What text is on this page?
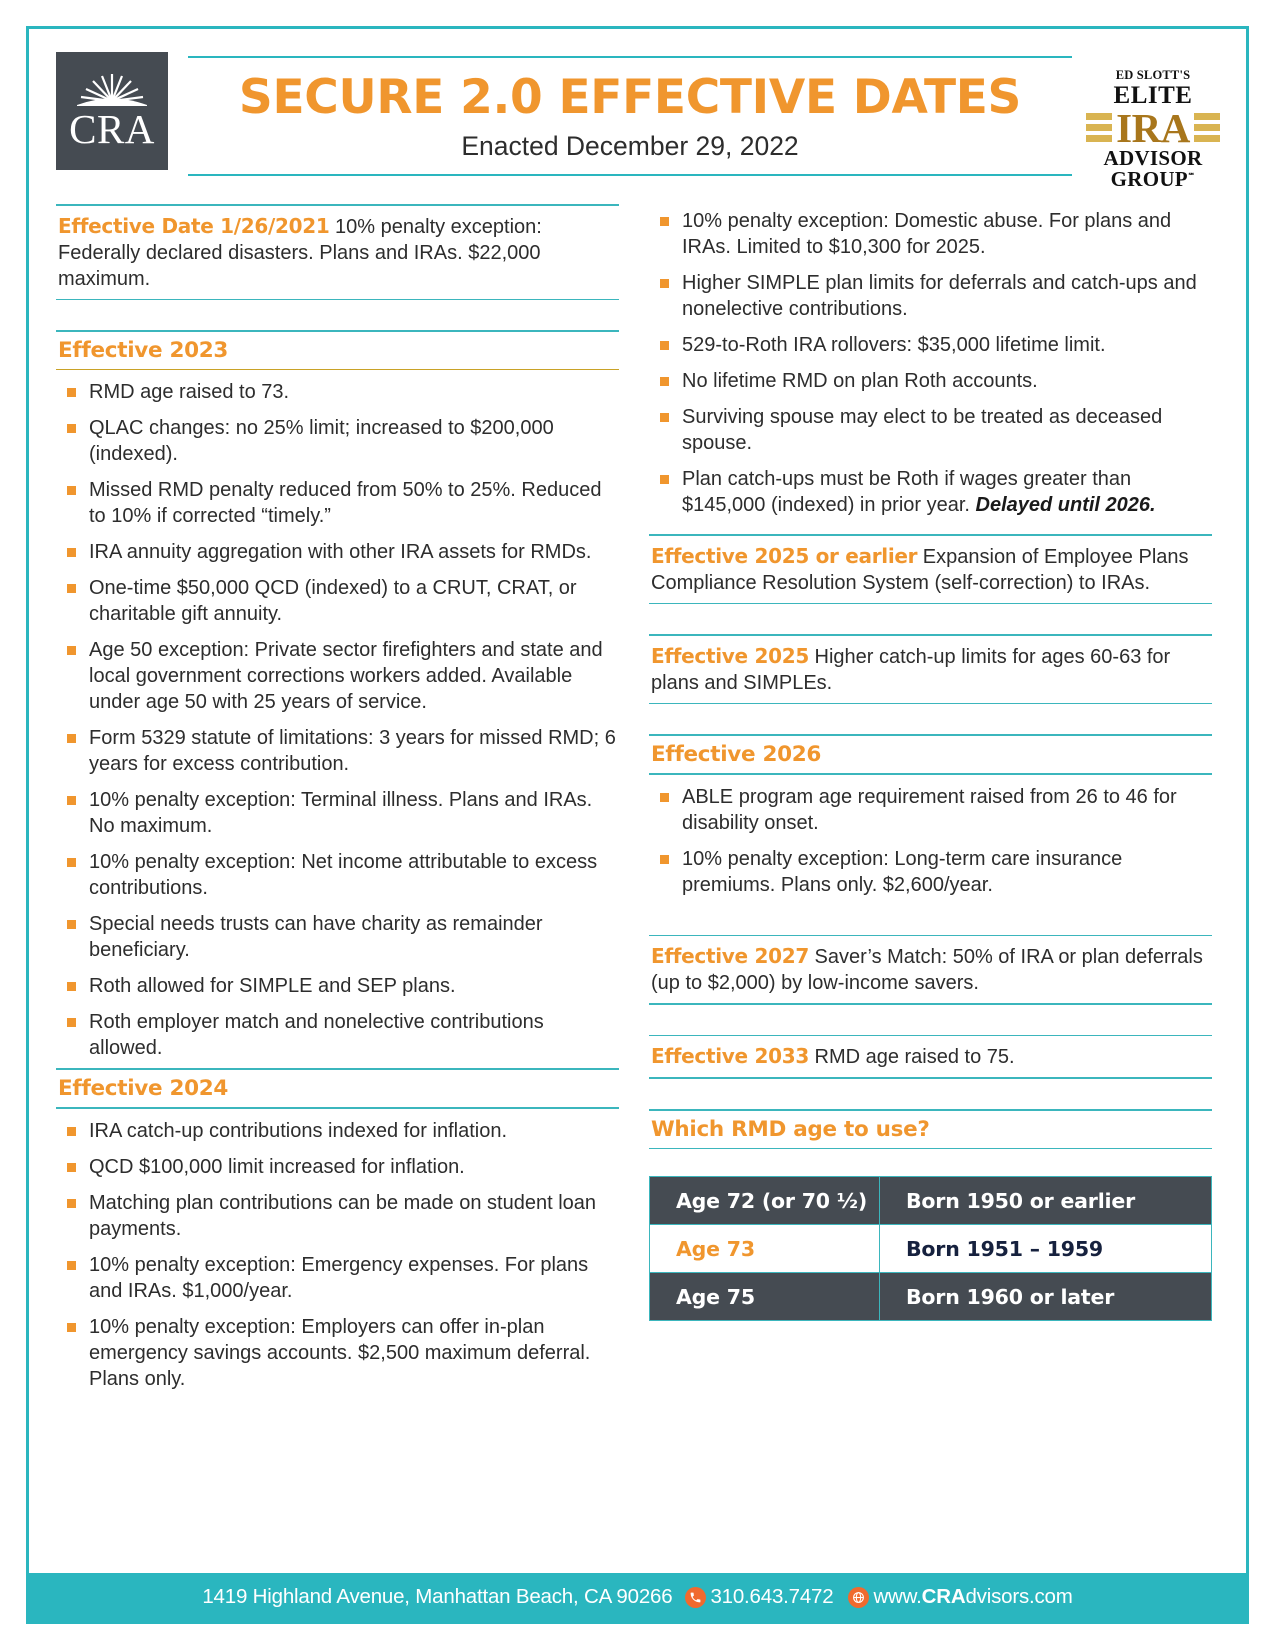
CRA
SECURE 2.0 EFFECTIVE DATES
Enacted December 29, 2022
ED SLOTT'S
ELITE
IRA
ADVISOR
GROUP℠
Effective Date 1/26/2021 10% penalty exception: Federally declared disasters. Plans and IRAs. $22,000 maximum.
Effective 2023
RMD age raised to 73.
QLAC changes: no 25% limit; increased to $200,000 (indexed).
Missed RMD penalty reduced from 50% to 25%. Reduced to 10% if corrected “timely.”
IRA annuity aggregation with other IRA assets for RMDs.
One-time $50,000 QCD (indexed) to a CRUT, CRAT, or charitable gift annuity.
Age 50 exception: Private sector firefighters and state and local government corrections workers added. Available under age 50 with 25 years of service.
Form 5329 statute of limitations: 3 years for missed RMD; 6 years for excess contribution.
10% penalty exception: Terminal illness. Plans and IRAs. No maximum.
10% penalty exception: Net income attributable to excess contributions.
Special needs trusts can have charity as remainder beneficiary.
Roth allowed for SIMPLE and SEP plans.
Roth employer match and nonelective contributions allowed.
Effective 2024
IRA catch-up contributions indexed for inflation.
QCD $100,000 limit increased for inflation.
Matching plan contributions can be made on student loan payments.
10% penalty exception: Emergency expenses. For plans and IRAs. $1,000/year.
10% penalty exception: Employers can offer in-plan emergency savings accounts. $2,500 maximum deferral. Plans only.
10% penalty exception: Domestic abuse. For plans and IRAs. Limited to $10,300 for 2025.
Higher SIMPLE plan limits for deferrals and catch-ups and nonelective contributions.
529-to-Roth IRA rollovers: $35,000 lifetime limit.
No lifetime RMD on plan Roth accounts.
Surviving spouse may elect to be treated as deceased spouse.
Plan catch-ups must be Roth if wages greater than $145,000 (indexed) in prior year. Delayed until 2026.
Effective 2025 or earlier Expansion of Employee Plans Compliance Resolution System (self-correction) to IRAs.
Effective 2025 Higher catch-up limits for ages 60-63 for plans and SIMPLEs.
Effective 2026
ABLE program age requirement raised from 26 to 46 for disability onset.
10% penalty exception: Long-term care insurance premiums. Plans only. $2,600/year.
Effective 2027 Saver’s Match: 50% of IRA or plan deferrals (up to $2,000) by low-income savers.
Effective 2033 RMD age raised to 75.
Which RMD age to use?
Age 72 (or 70 ½)	Born 1950 or earlier
Age 73	Born 1951 – 1959
Age 75	Born 1960 or later
1419 Highland Avenue, Manhattan Beach, CA 90266 310.643.7472 www.CRAdvisors.com
